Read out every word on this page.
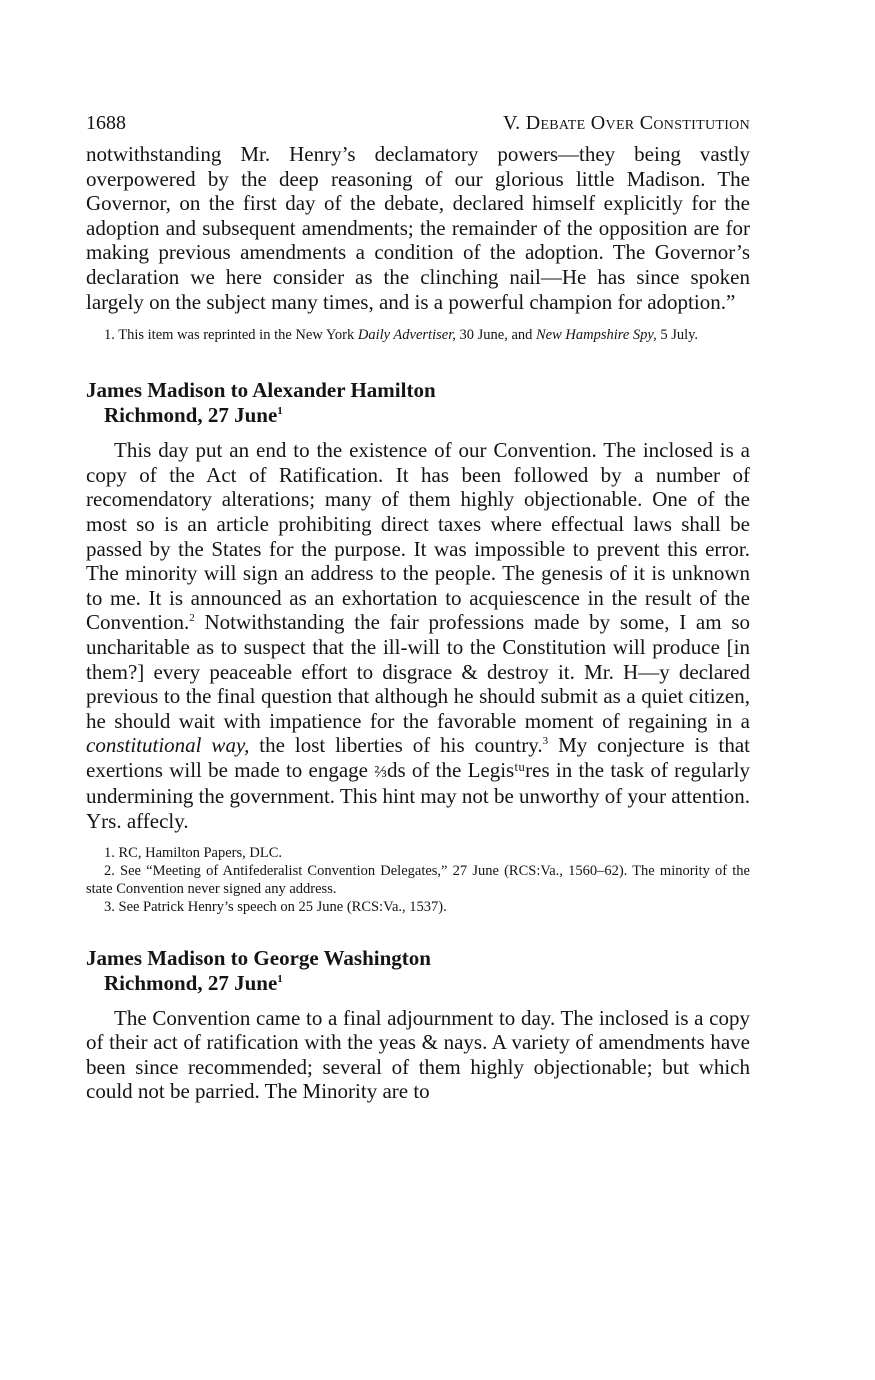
1688	V. Debate Over Constitution

notwithstanding Mr. Henry’s declamatory powers—they being vastly overpowered by the deep reasoning of our glorious little Madison. The Governor, on the first day of the debate, declared himself explicitly for the adoption and subsequent amendments; the remainder of the opposition are for making previous amendments a condition of the adoption. The Governor’s declaration we here consider as the clinching nail—He has since spoken largely on the subject many times, and is a powerful champion for adoption.”

1. This item was reprinted in the New York Daily Advertiser, 30 June, and New Hampshire Spy, 5 July.

James Madison to Alexander Hamilton

Richmond, 27 June$^1$

This day put an end to the existence of our Convention. The inclosed is a copy of the Act of Ratification. It has been followed by a number of recomendatory alterations; many of them highly objectionable. One of the most so is an article prohibiting direct taxes where effectual laws shall be passed by the States for the purpose. It was impossible to prevent this error. The minority will sign an address to the people. The genesis of it is unknown to me. It is announced as an exhortation to acquiescence in the result of the Convention.$^2$ Notwithstanding the fair professions made by some, I am so uncharitable as to suspect that the ill-will to the Constitution will produce [in them?] every peaceable effort to disgrace & destroy it. Mr. H—y declared previous to the final question that although he should submit as a quiet citizen, he should wait with impatience for the favorable moment of regaining in a constitutional way, the lost liberties of his country.$^3$ My conjecture is that exertions will be made to engage ⅔ds of the Legisᵗᵘres in the task of regularly undermining the government. This hint may not be unworthy of your attention. Yrs. affecly.

1. RC, Hamilton Papers, DLC.

2. See “Meeting of Antifederalist Convention Delegates,” 27 June (RCS:Va., 1560–62). The minority of the state Convention never signed any address.

3. See Patrick Henry’s speech on 25 June (RCS:Va., 1537).

James Madison to George Washington

Richmond, 27 June$^1$

The Convention came to a final adjournment to day. The inclosed is a copy of their act of ratification with the yeas & nays. A variety of amendments have been since recommended; several of them highly objectionable; but which could not be parried. The Minority are to
